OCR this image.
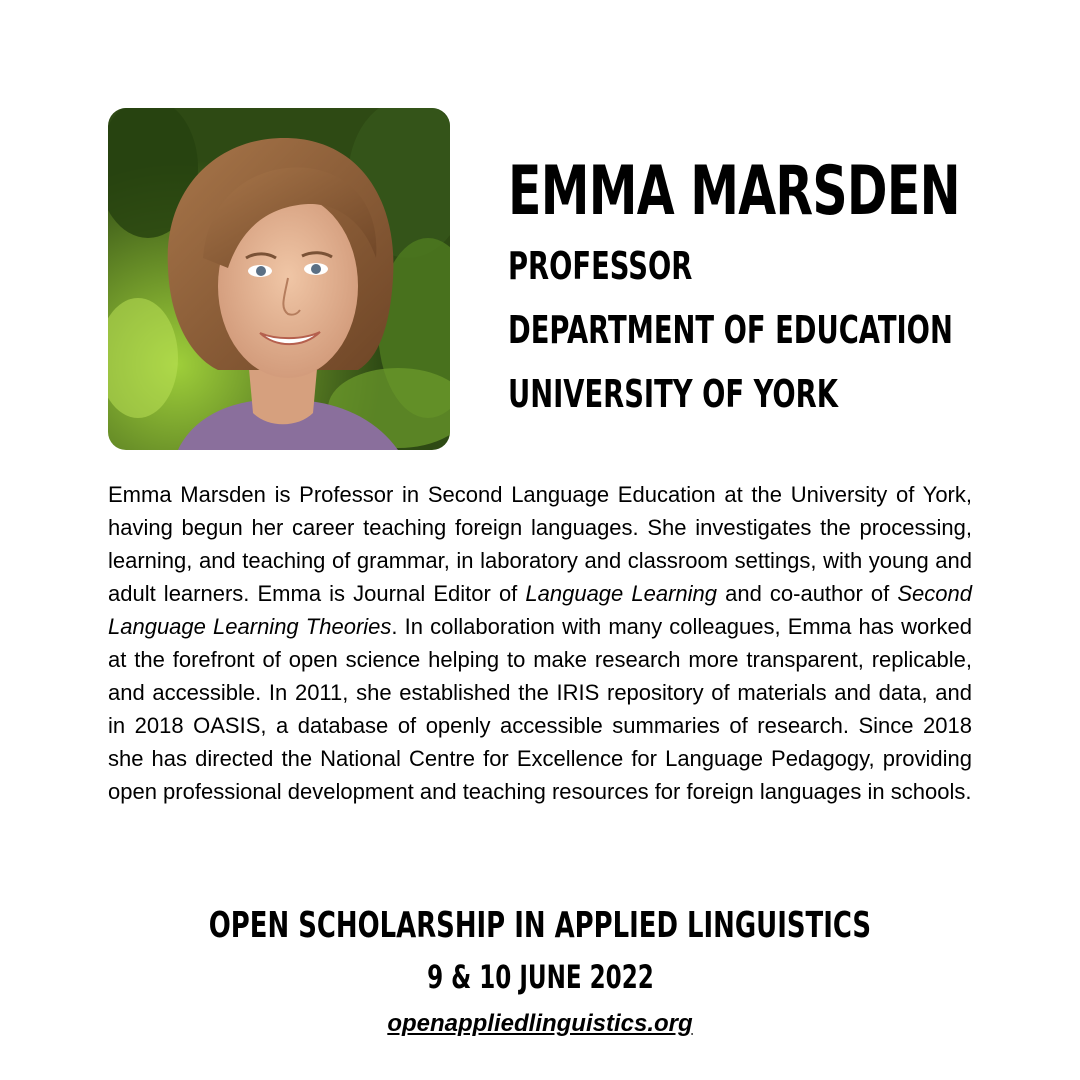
EMMA MARSDEN
PROFESSOR
DEPARTMENT OF EDUCATION
UNIVERSITY OF YORK

Emma Marsden is Professor in Second Language Education at the University of York, having begun her career teaching foreign languages. She investigates the processing, learning, and teaching of grammar, in laboratory and classroom settings, with young and adult learners. Emma is Journal Editor of Language Learning and co-author of Second Language Learning Theories. In collaboration with many colleagues, Emma has worked at the forefront of open science helping to make research more transparent, replicable, and accessible. In 2011, she established the IRIS repository of materials and data, and in 2018 OASIS, a database of openly accessible summaries of research. Since 2018 she has directed the National Centre for Excellence for Language Pedagogy, providing open professional development and teaching resources for foreign languages in schools.

OPEN SCHOLARSHIP IN APPLIED LINGUISTICS
9 & 10 JUNE 2022
openappliedlinguistics.org
